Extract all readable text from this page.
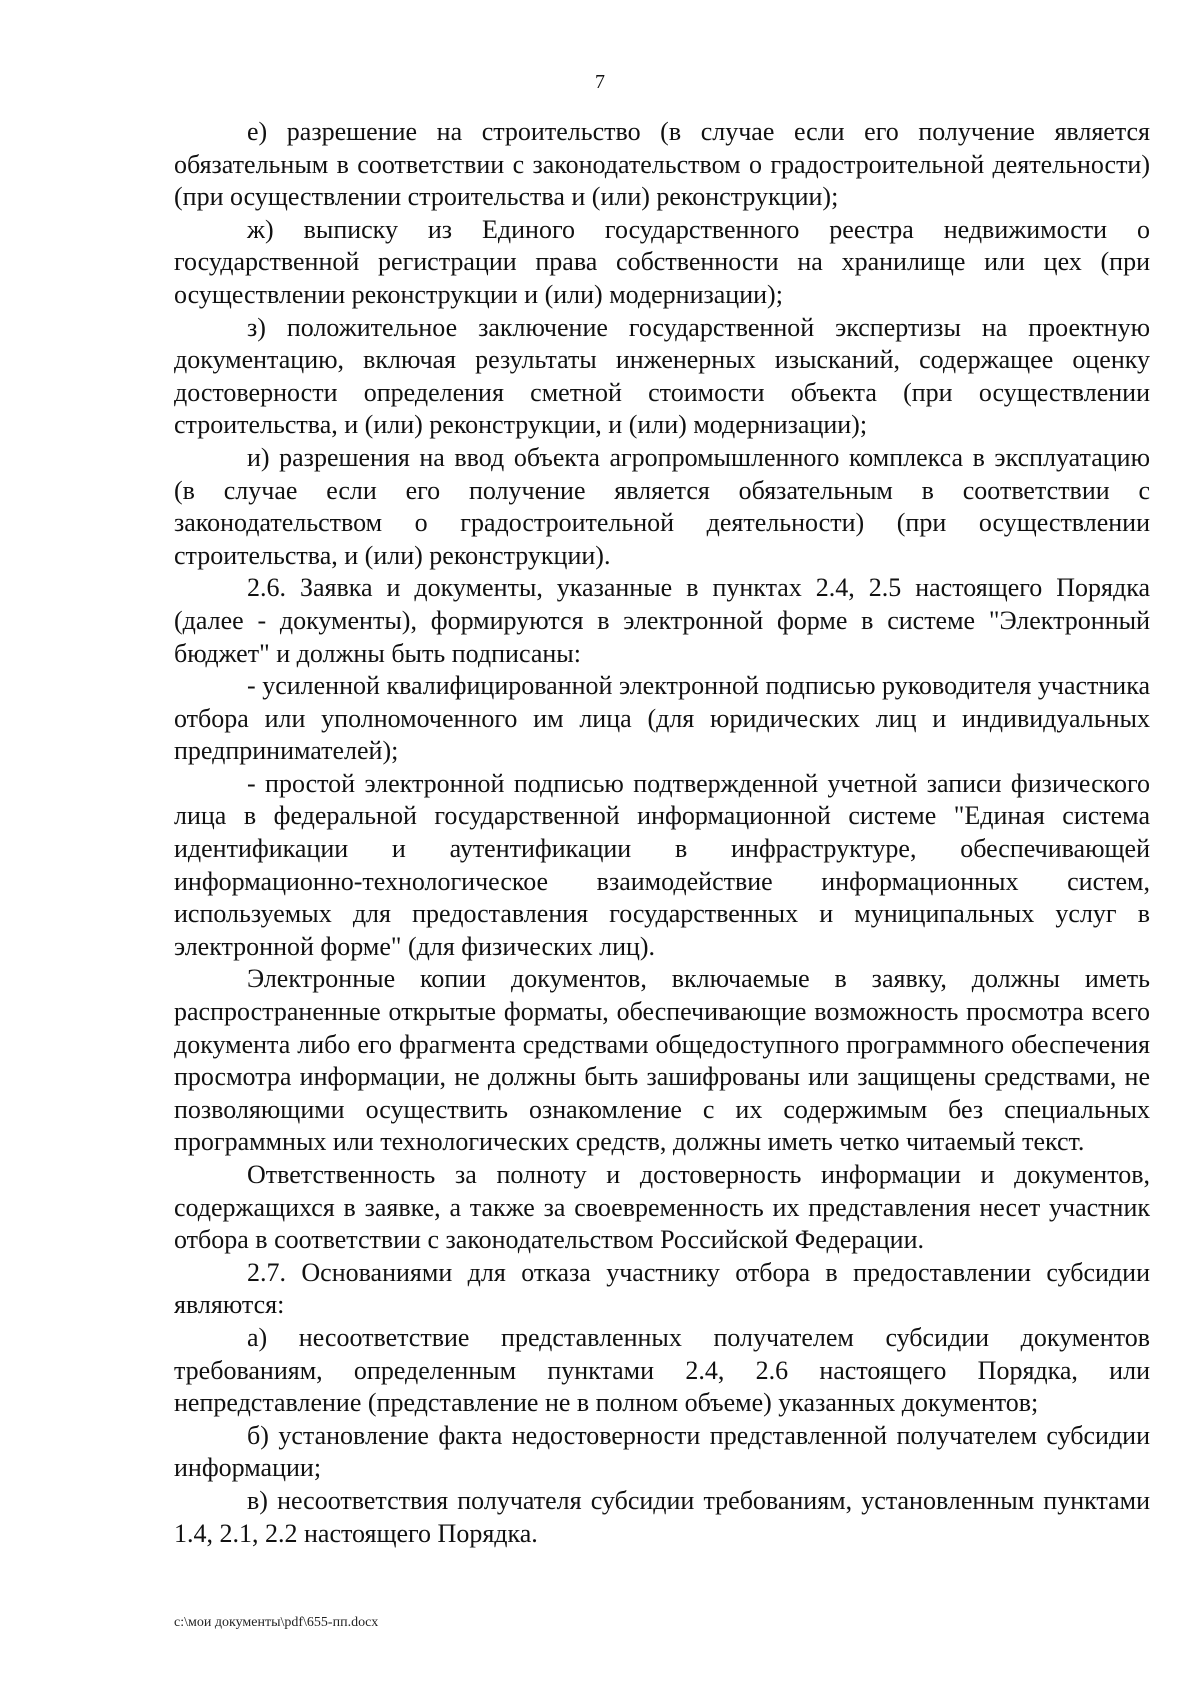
7

е) разрешение на строительство (в случае если его получение является обязательным в соответствии с законодательством о градостроительной деятельности) (при осуществлении строительства и (или) реконструкции);

ж) выписку из Единого государственного реестра недвижимости о государственной регистрации права собственности на хранилище или цех (при осуществлении реконструкции и (или) модернизации);

з) положительное заключение государственной экспертизы на проектную документацию, включая результаты инженерных изысканий, содержащее оценку достоверности определения сметной стоимости объекта (при осуществлении строительства, и (или) реконструкции, и (или) модернизации);

и) разрешения на ввод объекта агропромышленного комплекса в эксплуатацию (в случае если его получение является обязательным в соответствии с законодательством о градостроительной деятельности) (при осуществлении строительства, и (или) реконструкции).

2.6. Заявка и документы, указанные в пунктах 2.4, 2.5 настоящего Порядка (далее - документы), формируются в электронной форме в системе "Электронный бюджет" и должны быть подписаны:

- усиленной квалифицированной электронной подписью руководителя участника отбора или уполномоченного им лица (для юридических лиц и индивидуальных предпринимателей);

- простой электронной подписью подтвержденной учетной записи физического лица в федеральной государственной информационной системе "Единая система идентификации и аутентификации в инфраструктуре, обеспечивающей информационно-технологическое взаимодействие информационных систем, используемых для предоставления государственных и муниципальных услуг в электронной форме" (для физических лиц).

Электронные копии документов, включаемые в заявку, должны иметь распространенные открытые форматы, обеспечивающие возможность просмотра всего документа либо его фрагмента средствами общедоступного программного обеспечения просмотра информации, не должны быть зашифрованы или защищены средствами, не позволяющими осуществить ознакомление с их содержимым без специальных программных или технологических средств, должны иметь четко читаемый текст.

Ответственность за полноту и достоверность информации и документов, содержащихся в заявке, а также за своевременность их представления несет участник отбора в соответствии с законодательством Российской Федерации.

2.7. Основаниями для отказа участнику отбора в предоставлении субсидии являются:

а) несоответствие представленных получателем субсидии документов требованиям, определенным пунктами 2.4, 2.6 настоящего Порядка, или непредставление (представление не в полном объеме) указанных документов;

б) установление факта недостоверности представленной получателем субсидии информации;

в) несоответствия получателя субсидии требованиям, установленным пунктами 1.4, 2.1, 2.2 настоящего Порядка.

c:\мои документы\pdf\655-пп.docx
